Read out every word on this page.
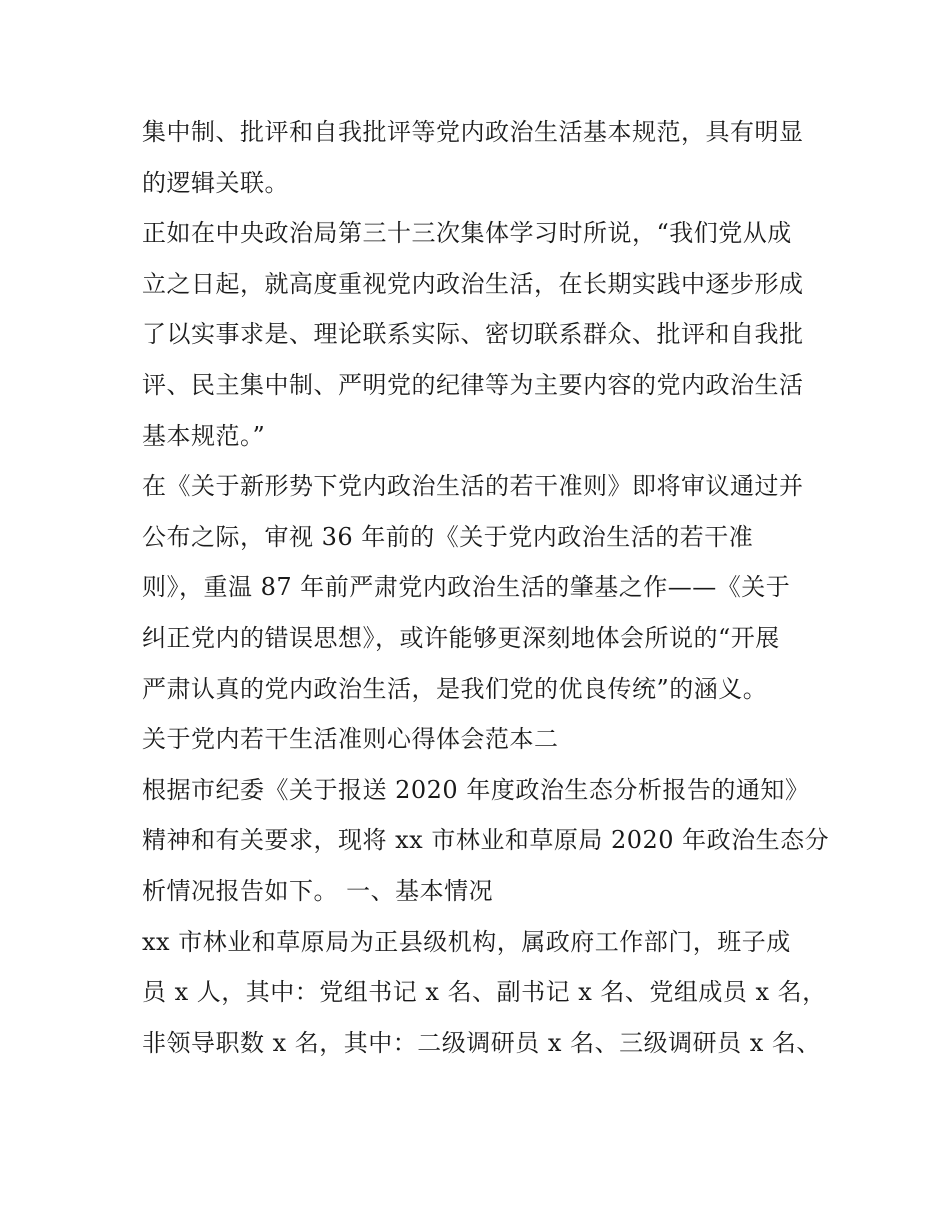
集中制、批评和自我批评等党内政治生活基本规范，具有明显
的逻辑关联。
正如在中央政治局第三十三次集体学习时所说，“我们党从成
立之日起，就高度重视党内政治生活，在长期实践中逐步形成
了以实事求是、理论联系实际、密切联系群众、批评和自我批
评、民主集中制、严明党的纪律等为主要内容的党内政治生活
基本规范。”
在《关于新形势下党内政治生活的若干准则》即将审议通过并
公布之际，审视 36 年前的《关于党内政治生活的若干准
则》，重温 87 年前严肃党内政治生活的肇基之作——《关于
纠正党内的错误思想》，或许能够更深刻地体会所说的“开展
严肃认真的党内政治生活，是我们党的优良传统”的涵义。
关于党内若干生活准则心得体会范本二
根据市纪委《关于报送 2020 年度政治生态分析报告的通知》
精神和有关要求，现将 xx 市林业和草原局 2020 年政治生态分
析情况报告如下。 一、基本情况
xx 市林业和草原局为正县级机构，属政府工作部门，班子成
员 x 人，其中：党组书记 x 名、副书记 x 名、党组成员 x 名，
非领导职数 x 名，其中：二级调研员 x 名、三级调研员 x 名、
